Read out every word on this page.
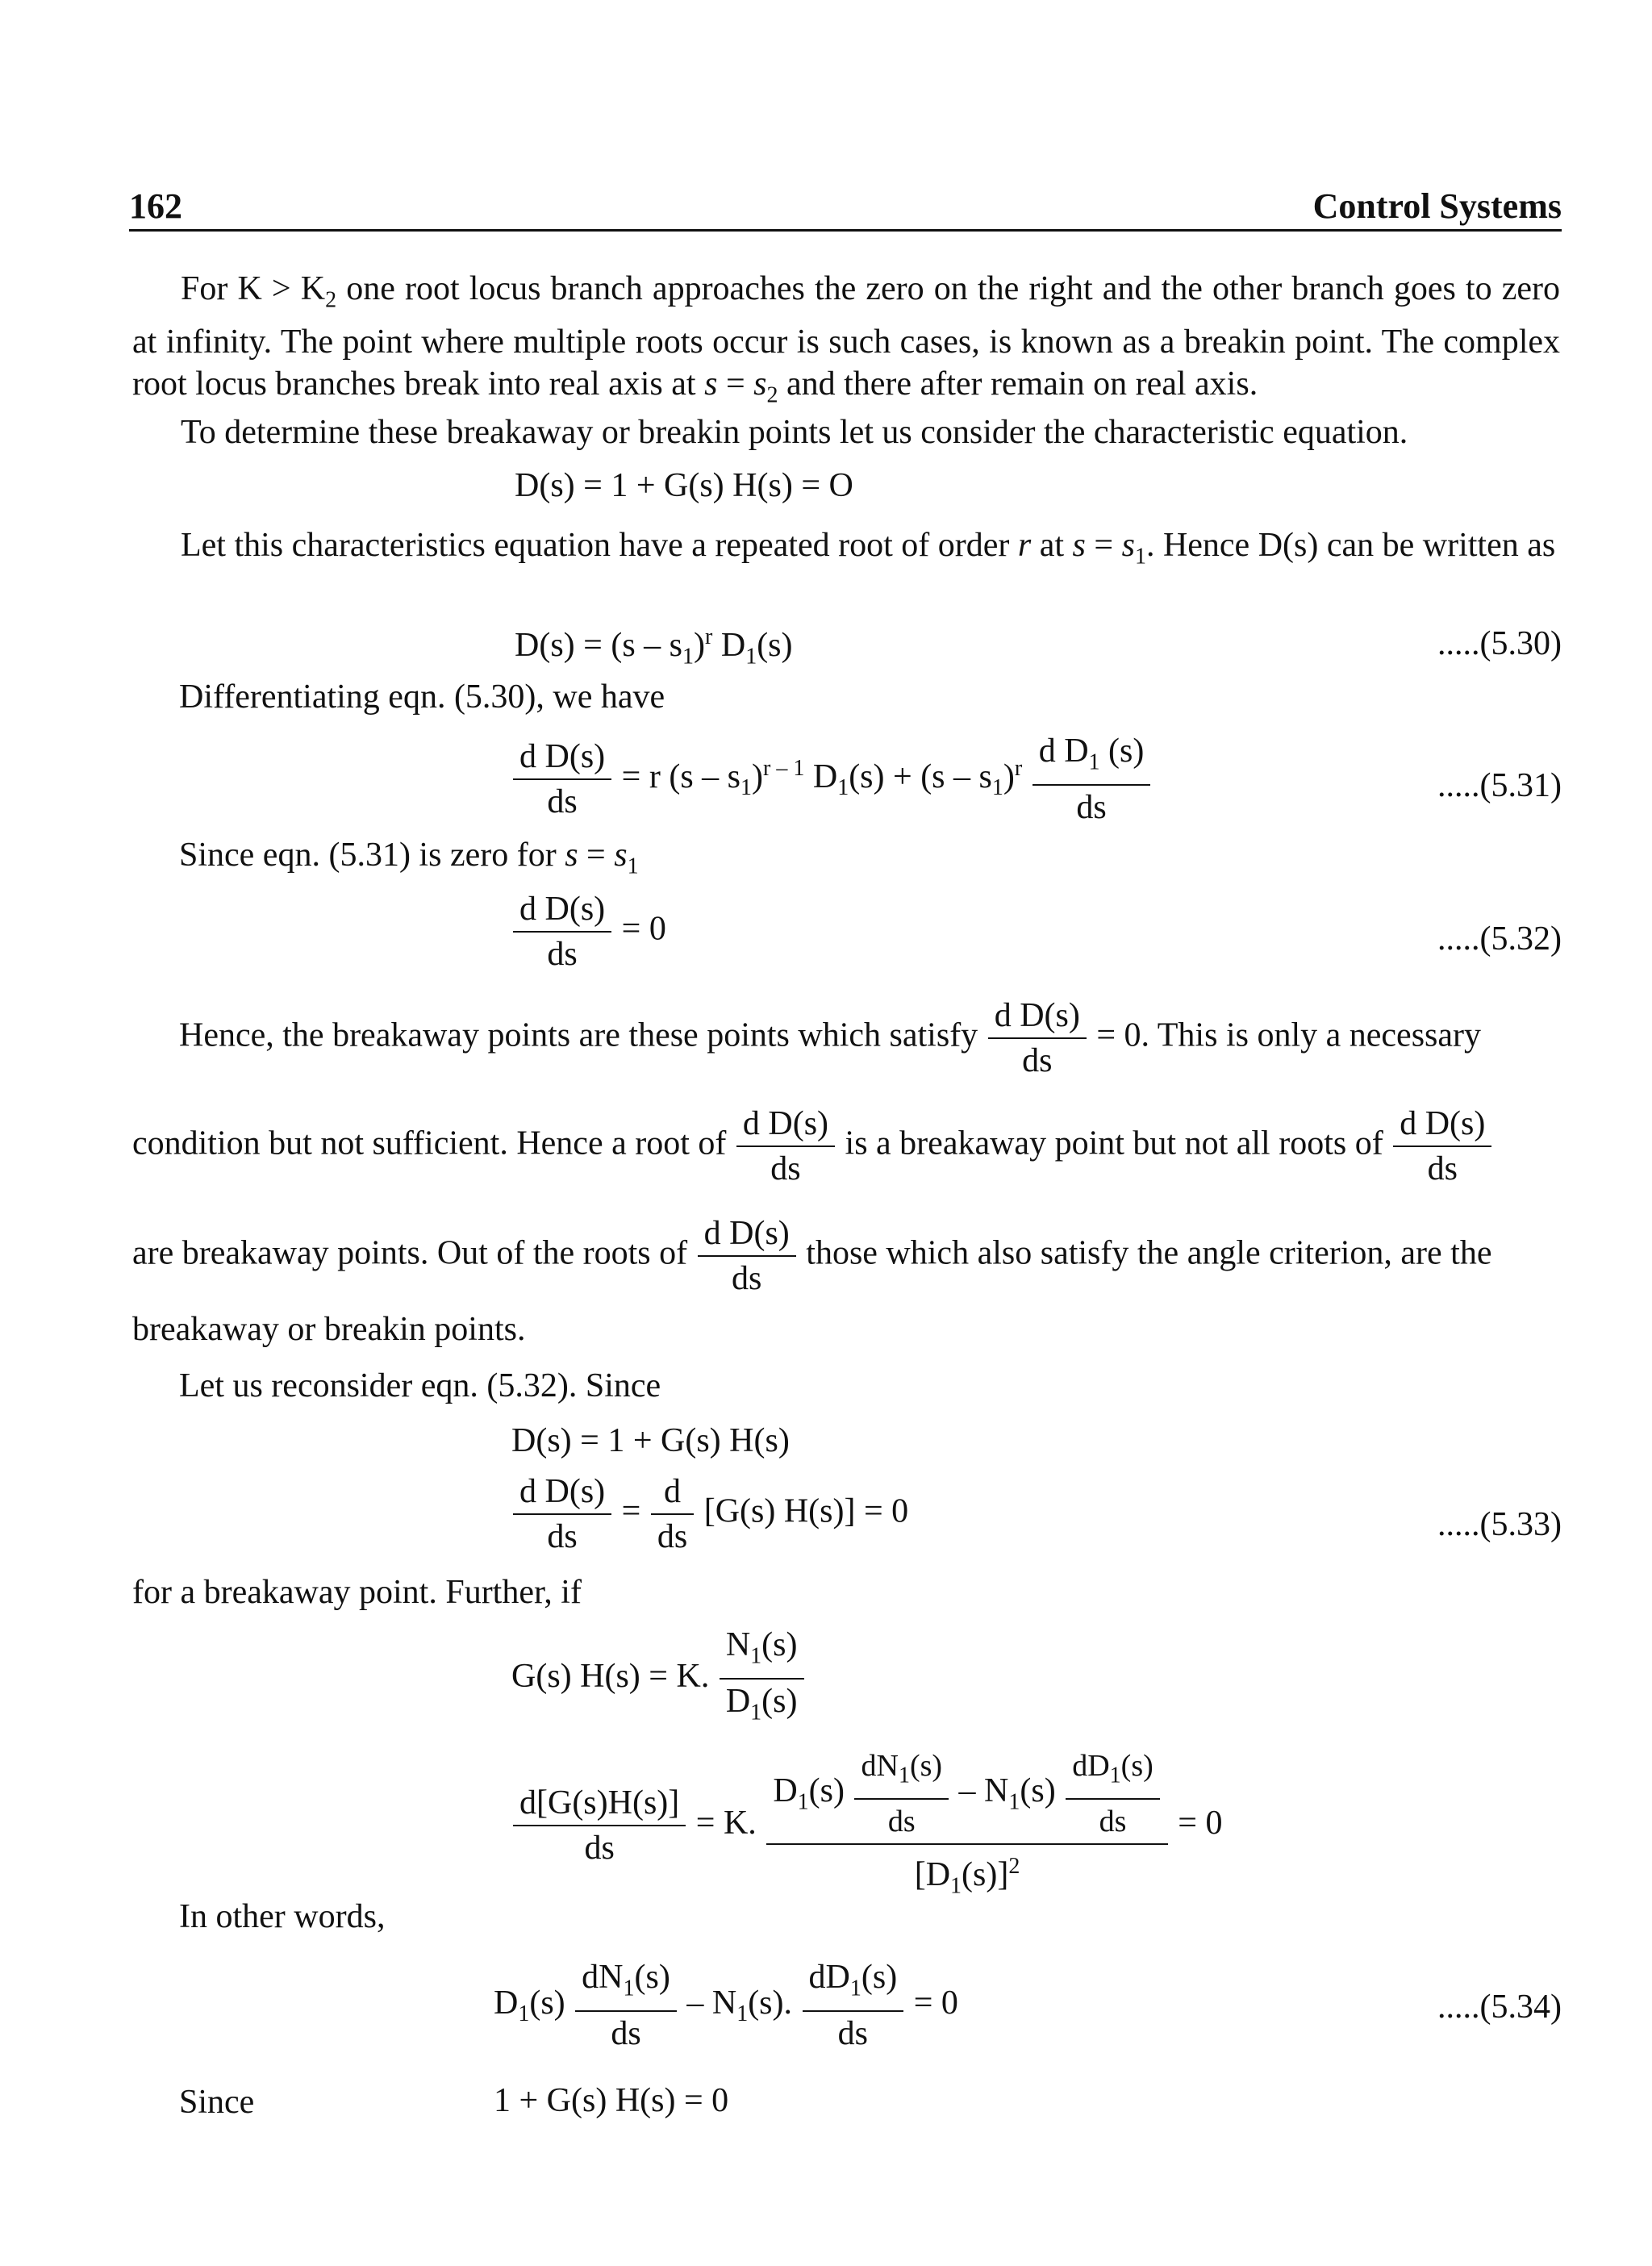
162	Control Systems
For $K > K_2$ one root locus branch approaches the zero on the right and the other branch goes to zero at infinity. The point where multiple roots occur is such cases, is known as a breakin point. The complex root locus branches break into real axis at $s = s_2$ and there after remain on real axis.
To determine these breakaway or breakin points let us consider the characteristic equation.
D(s) = 1 + G(s) H(s) = O
Let this characteristics equation have a repeated root of order r at $s = s_1$. Hence D(s) can be written as
$D(s) = (s - s_1)^r$ $D_1(s)$	.....(5.30)
Differentiating eqn. (5.30), we have
$\frac{\text{d D(s)}}{ds} = r$ $(s - s_1)^{r - 1}$ $D_1(s) + (s - s_1)^r \frac{d D_1 (s)}{ds}$	.....(5.31)
Since eqn. (5.31) is zero for $s = s_1$
$\frac{\text{d D(s)}}{ds} = 0$	.....(5.32)
Hence, the breakaway points are these points which satisfy $\frac{\text{d D(s)}}{ds} = 0$. This is only a necessary
condition but not sufficient. Hence a root of $\frac{\text{d D(s)}}{ds}$ is a breakaway point but not all roots of $\frac{\text{d D(s)}}{ds}$
are breakaway points. Out of the roots of $\frac{\text{d D(s)}}{ds}$ those which also satisfy the angle criterion, are the
breakaway or breakin points.
Let us reconsider eqn. (5.32). Since
D(s) = 1 + G(s) H(s)
$\frac{\text{d D(s)}}{ds} = \frac{d}{ds} [G(s) H(s)] = 0$	.....(5.33)
for a breakaway point. Further, if
G(s) H(s) = K. $\frac{N_1(s)}{D_1(s)}$
$\frac{d[G(s)H(s)]}{ds} = K$. $\frac{D_1(s) \frac{dN_1(s)}{ds} - N_1(s) \frac{dD_1(s)}{ds}}{[D_1(s)]^2} = 0$
In other words,
$D_1(s) \frac{dN_1(s)}{ds} - N_1(s)$. $\frac{dD_1(s)}{ds} = 0$	.....(5.34)
Since	1 + G(s) H(s) = 0
